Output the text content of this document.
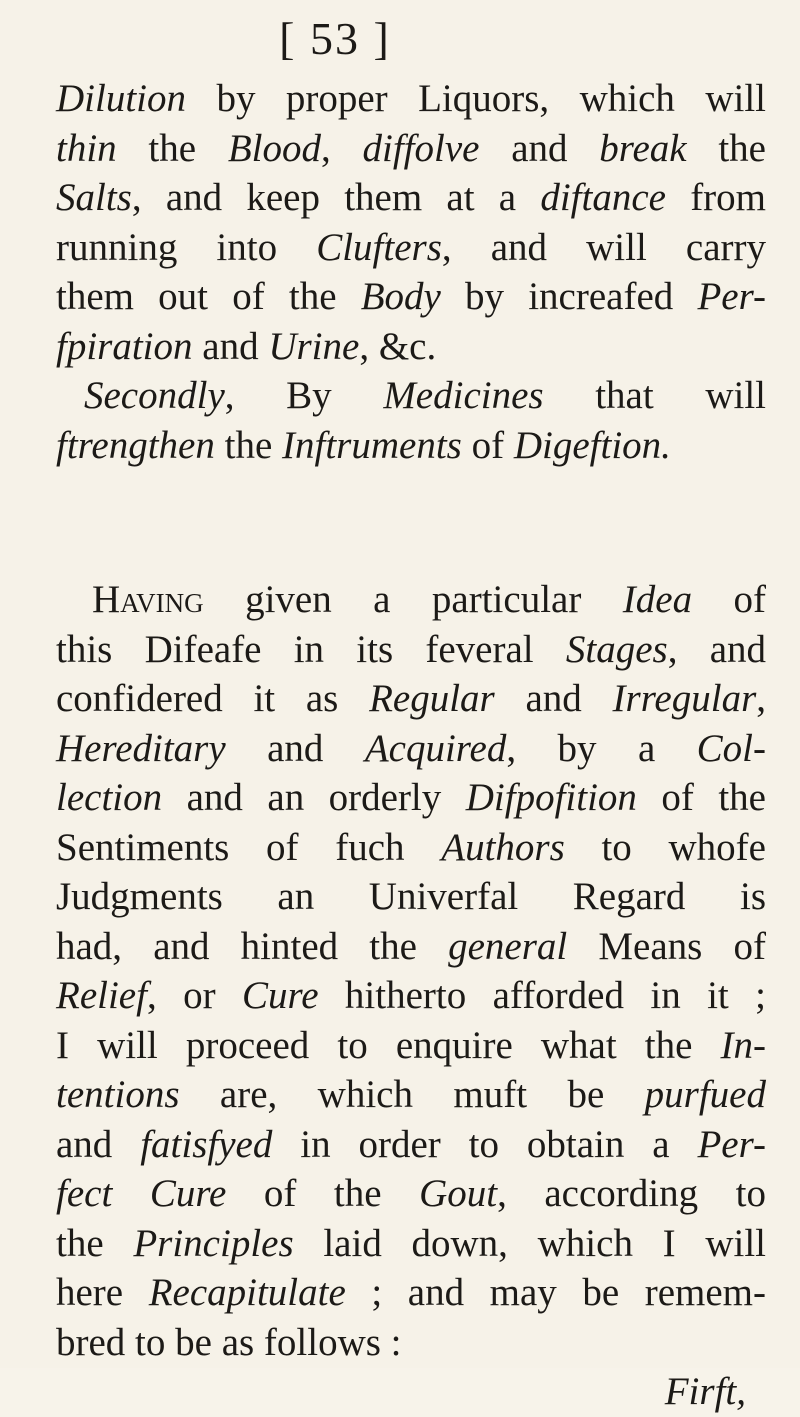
[ 53 ]
Dilution by proper Liquors, which will
thin the Blood, diffolve and break the
Salts, and keep them at a diftance from
running into Clufters, and will carry
them out of the Body by increafed Per-
fpiration and Urine, &c.
Secondly, By Medicines that will
ftrengthen the Inftruments of Digeftion.
Having given a particular Idea of
this Difeafe in its feveral Stages, and
confidered it as Regular and Irregular,
Hereditary and Acquired, by a Col-
lection and an orderly Difpofition of the
Sentiments of fuch Authors to whofe
Judgments an Univerfal Regard is
had, and hinted the general Means of
Relief, or Cure hitherto afforded in it ;
I will proceed to enquire what the In-
tentions are, which muft be purfued
and fatisfyed in order to obtain a Per-
fect Cure of the Gout, according to
the Principles laid down, which I will
here Recapitulate ; and may be remem-
bred to be as follows :
Firft,
